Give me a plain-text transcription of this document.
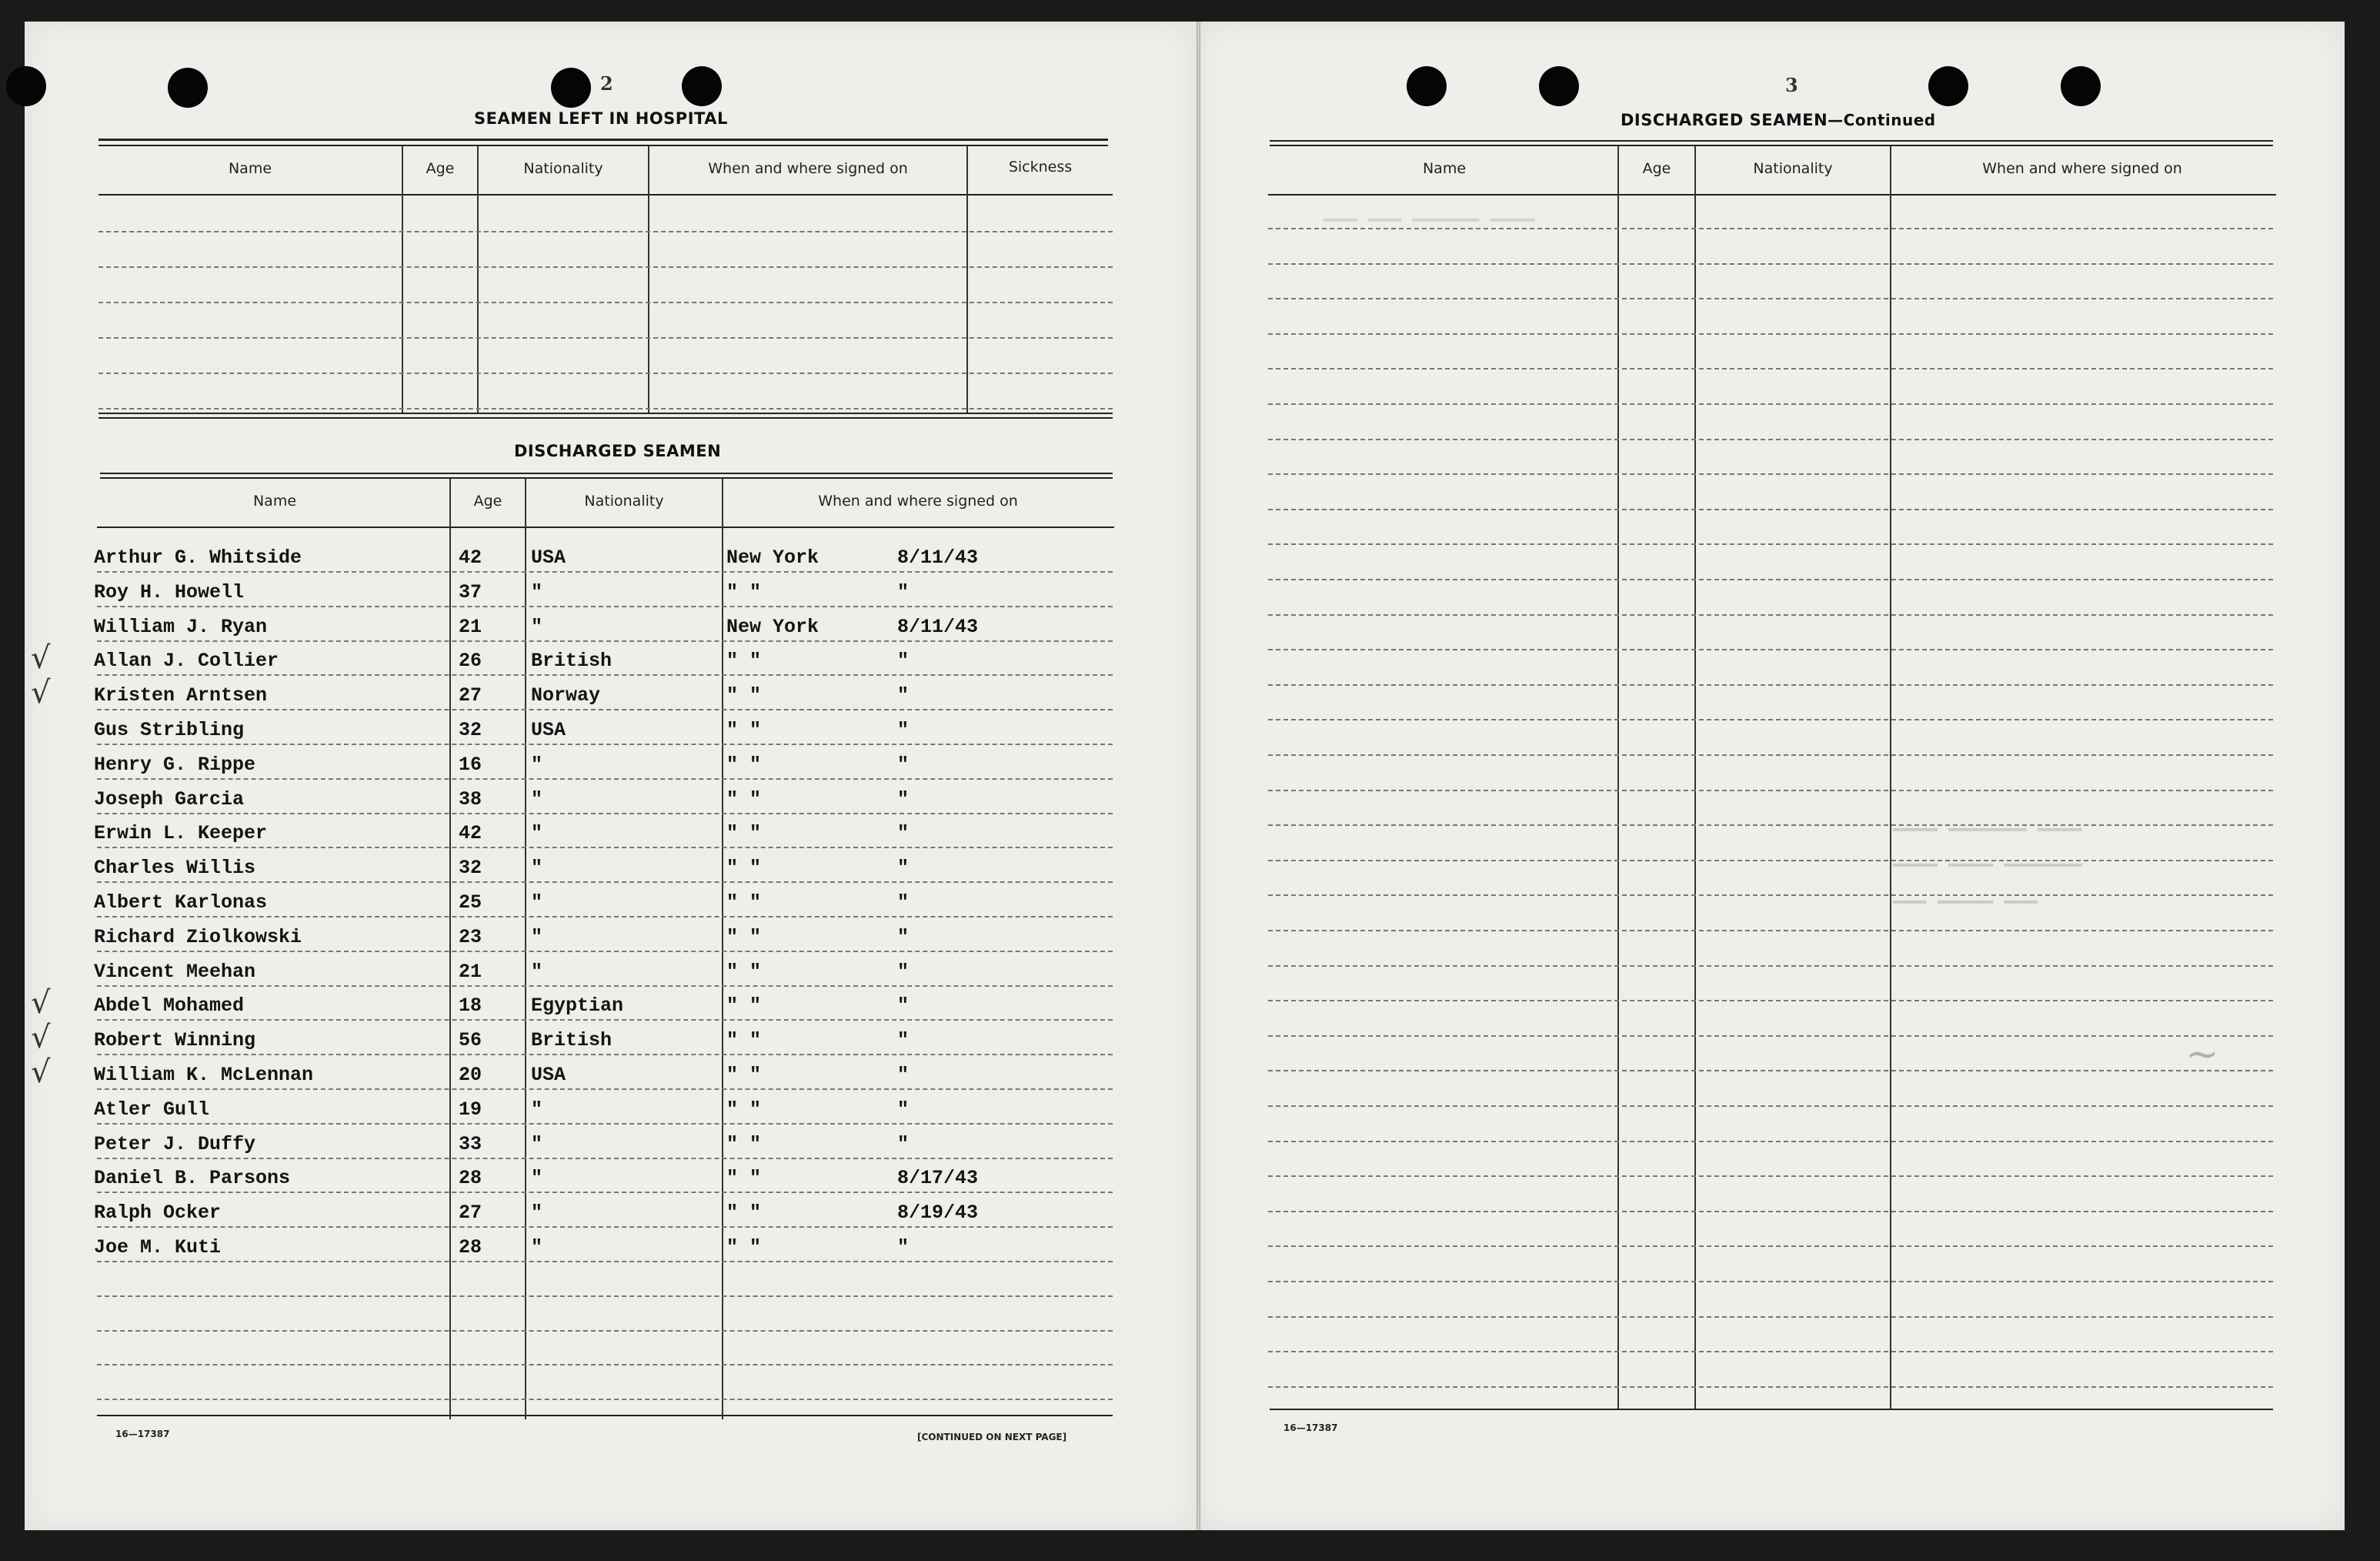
2
SEAMEN LEFT IN HOSPITAL
Name	Age	Nationality	When and where signed on	Sickness
DISCHARGED SEAMEN
Name	Age	Nationality	When and where signed on
Arthur G. Whitside	42	USA	New York	8/11/43
Roy H. Howell	37	"	" "	"
William J. Ryan	21	"	New York	8/11/43
√ Allan J. Collier	26	British	" "	"
√ Kristen Arntsen	27	Norway	" "	"
Gus Stribling	32	USA	" "	"
Henry G. Rippe	16	"	" "	"
Joseph Garcia	38	"	" "	"
Erwin L. Keeper	42	"	" "	"
Charles Willis	32	"	" "	"
Albert Karlonas	25	"	" "	"
Richard Ziolkowski	23	"	" "	"
Vincent Meehan	21	"	" "	"
√ Abdel Mohamed	18	Egyptian	" "	"
√ Robert Winning	56	British	" "	"
√ William K. McLennan	20	USA	" "	"
Atler Gull	19	"	" "	"
Peter J. Duffy	33	"	" "	"
Daniel B. Parsons	28	"	" "	8/17/43
Ralph Ocker	27	"	" "	8/19/43
Joe M. Kuti	28	"	" "	"
16—17387	[CONTINUED ON NEXT PAGE]
3
DISCHARGED SEAMEN—Continued
Name	Age	Nationality	When and where signed on
16—17387
━━━━ ━━━━━━ ━━━ ━━━
━━━━ ━━━━━━━ ━━━━
━━━━━━━ ━━━━ ━━━━
━━━ ━━━━━ ━━━
~
